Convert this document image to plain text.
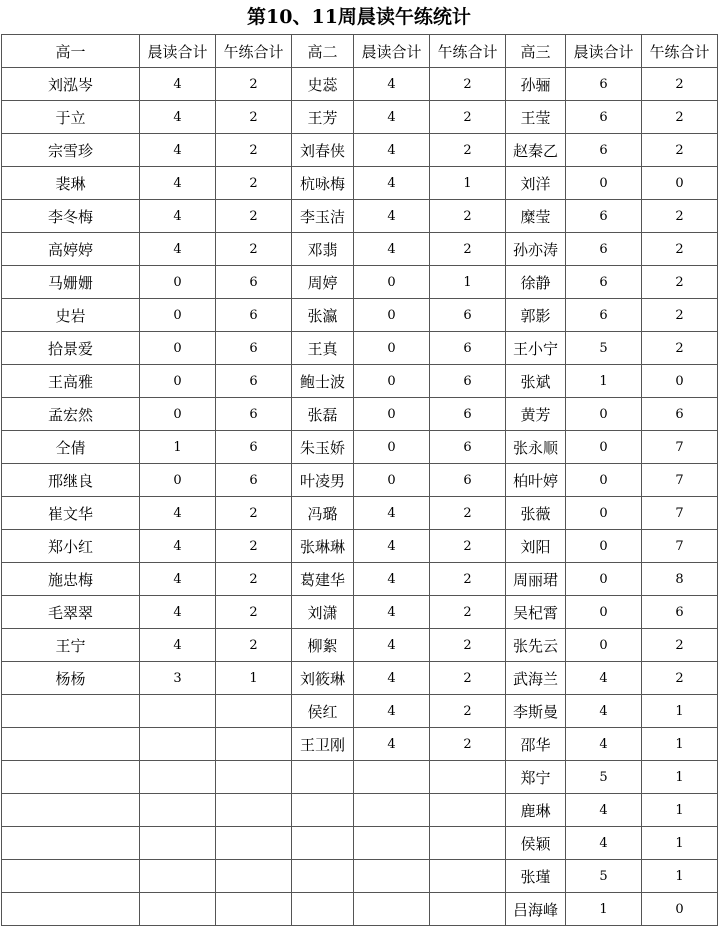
第10、11周晨读午练统计
高一	晨读合计	午练合计	高二	晨读合计	午练合计	高三	晨读合计	午练合计
刘泓岑	4	2	史蕊	4	2	孙骊	6	2
于立	4	2	王芳	4	2	王莹	6	2
宗雪珍	4	2	刘春侠	4	2	赵秦乙	6	2
裴琳	4	2	杭咏梅	4	1	刘洋	0	0
李冬梅	4	2	李玉洁	4	2	糜莹	6	2
高婷婷	4	2	邓翡	4	2	孙亦涛	6	2
马姗姗	0	6	周婷	0	1	徐静	6	2
史岩	0	6	张瀛	0	6	郭影	6	2
拾景爱	0	6	王真	0	6	王小宁	5	2
王高雅	0	6	鲍士波	0	6	张斌	1	0
孟宏然	0	6	张磊	0	6	黄芳	0	6
仝倩	1	6	朱玉娇	0	6	张永顺	0	7
邢继良	0	6	叶凌男	0	6	柏叶婷	0	7
崔文华	4	2	冯璐	4	2	张薇	0	7
郑小红	4	2	张琳琳	4	2	刘阳	0	7
施忠梅	4	2	葛建华	4	2	周丽珺	0	8
毛翠翠	4	2	刘潇	4	2	吴杞霄	0	6
王宁	4	2	柳絮	4	2	张先云	0	2
杨杨	3	1	刘筱琳	4	2	武海兰	4	2
			侯红	4	2	李斯曼	4	1
			王卫刚	4	2	邵华	4	1
						郑宁	5	1
						鹿琳	4	1
						侯颖	4	1
						张瑾	5	1
						吕海峰	1	0
